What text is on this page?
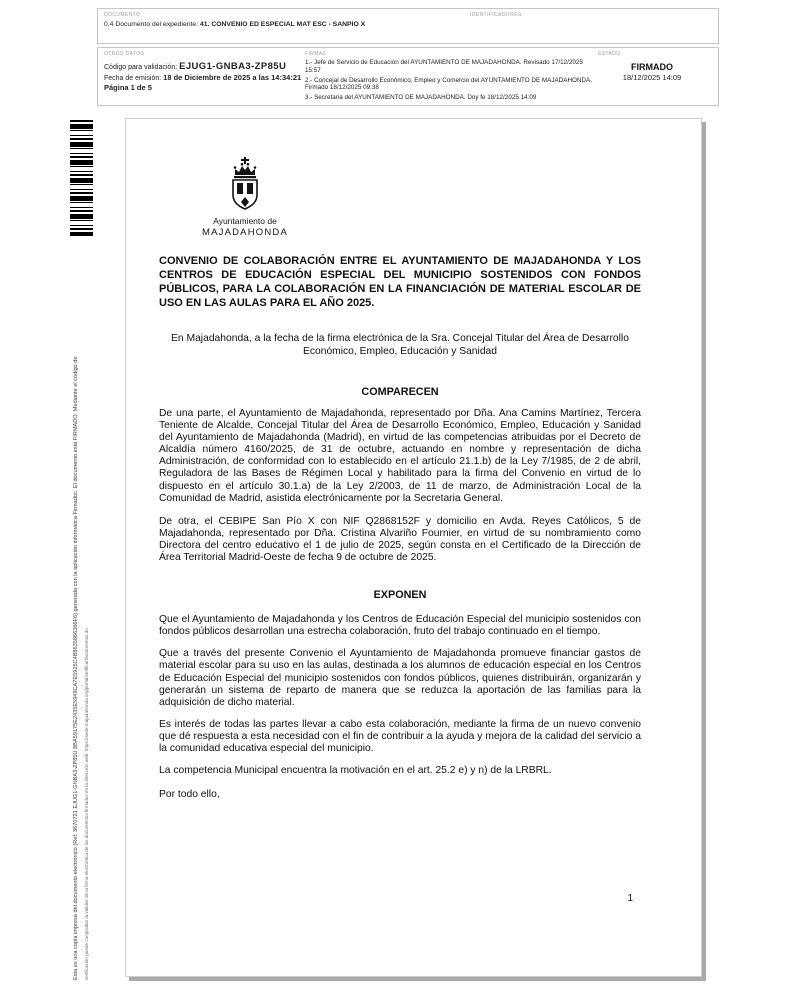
DOCUMENTO
0.4 Documento del expediente: 41. CONVENIO ED ESPECIAL MAT ESC - SANPIO X
IDENTIFICADORES
OTROS DATOS
Código para validación: EJUG1-GNBA3-ZP85U
Fecha de emisión: 18 de Diciembre de 2025 a las 14:34:21
Página 1 de 5
FIRMAS
1.- Jefe de Servicio de Educación del AYUNTAMIENTO DE MAJADAHONDA. Revisado 17/12/2025 15:57
2.- Concejal de Desarrollo Económico, Empleo y Comercio del AYUNTAMIENTO DE MAJADAHONDA. Firmado 18/12/2025 09:38
3.- Secretaria del AYUNTAMIENTO DE MAJADAHONDA. Doy fe 18/12/2025 14:09
ESTADO
FIRMADO
18/12/2025 14:09
Esta es una copia impresa del documento electrónico (Ref: 3670721 EJUG1-GNBA3-ZP85U 8BA59175E2435E5949CA7E5925C4B8635866366F6) generada con la aplicación informática Firmadoc. El documento está FIRMADO. Mediante el código de verificación puede comprobar la validez de la firma electrónica de los documentos firmados en la dirección web: https://sede.majadahonda.org/portal/verificarDocumentos.do
Ayuntamiento de
MAJADAHONDA
CONVENIO DE COLABORACIÓN ENTRE EL AYUNTAMIENTO DE MAJADAHONDA Y LOS CENTROS DE EDUCACIÓN ESPECIAL DEL MUNICIPIO SOSTENIDOS CON FONDOS PÚBLICOS, PARA LA COLABORACIÓN EN LA FINANCIACIÓN DE MATERIAL ESCOLAR DE USO EN LAS AULAS PARA EL AÑO 2025.
En Majadahonda, a la fecha de la firma electrónica de la Sra. Concejal Titular del Área de Desarrollo Económico, Empleo, Educación y Sanidad
COMPARECEN
De una parte, el Ayuntamiento de Majadahonda, representado por Dña. Ana Camins Martínez, Tercera Teniente de Alcalde, Concejal Titular del Área de Desarrollo Económico, Empleo, Educación y Sanidad del Ayuntamiento de Majadahonda (Madrid), en virtud de las competencias atribuidas por el Decreto de Alcaldía número 4160/2025, de 31 de octubre, actuando en nombre y representación de dicha Administración, de conformidad con lo establecido en el artículo 21.1.b) de la Ley 7/1985, de 2 de abril, Reguladora de las Bases de Régimen Local y habilitado para la firma del Convenio en virtud de lo dispuesto en el artículo 30.1.a) de la Ley 2/2003, de 11 de marzo, de Administración Local de la Comunidad de Madrid, asistida electrónicamente por la Secretaria General.
De otra, el CEBIPE San Pío X con NIF Q2868152F y domicilio en Avda. Reyes Católicos, 5 de Majadahonda, representado por Dña. Cristina Alvariño Fournier, en virtud de su nombramiento como Directora del centro educativo el 1 de julio de 2025, según consta en el Certificado de la Dirección de Área Territorial Madrid-Oeste de fecha 9 de octubre de 2025.
EXPONEN
Que el Ayuntamiento de Majadahonda y los Centros de Educación Especial del municipio sostenidos con fondos públicos desarrollan una estrecha colaboración, fruto del trabajo continuado en el tiempo.
Que a través del presente Convenio el Ayuntamiento de Majadahonda promueve financiar gastos de material escolar para su uso en las aulas, destinada a los alumnos de educación especial en los Centros de Educación Especial del municipio sostenidos con fondos públicos, quienes distribuirán, organizarán y generarán un sistema de reparto de manera que se reduzca la aportación de las familias para la adquisición de dicho material.
Es interés de todas las partes llevar a cabo esta colaboración, mediante la firma de un nuevo convenio que dé respuesta a esta necesidad con el fin de contribuir a la ayuda y mejora de la calidad del servicio a la comunidad educativa especial del municipio.
La competencia Municipal encuentra la motivación en el art. 25.2 e) y n) de la LRBRL.
Por todo ello,
1
